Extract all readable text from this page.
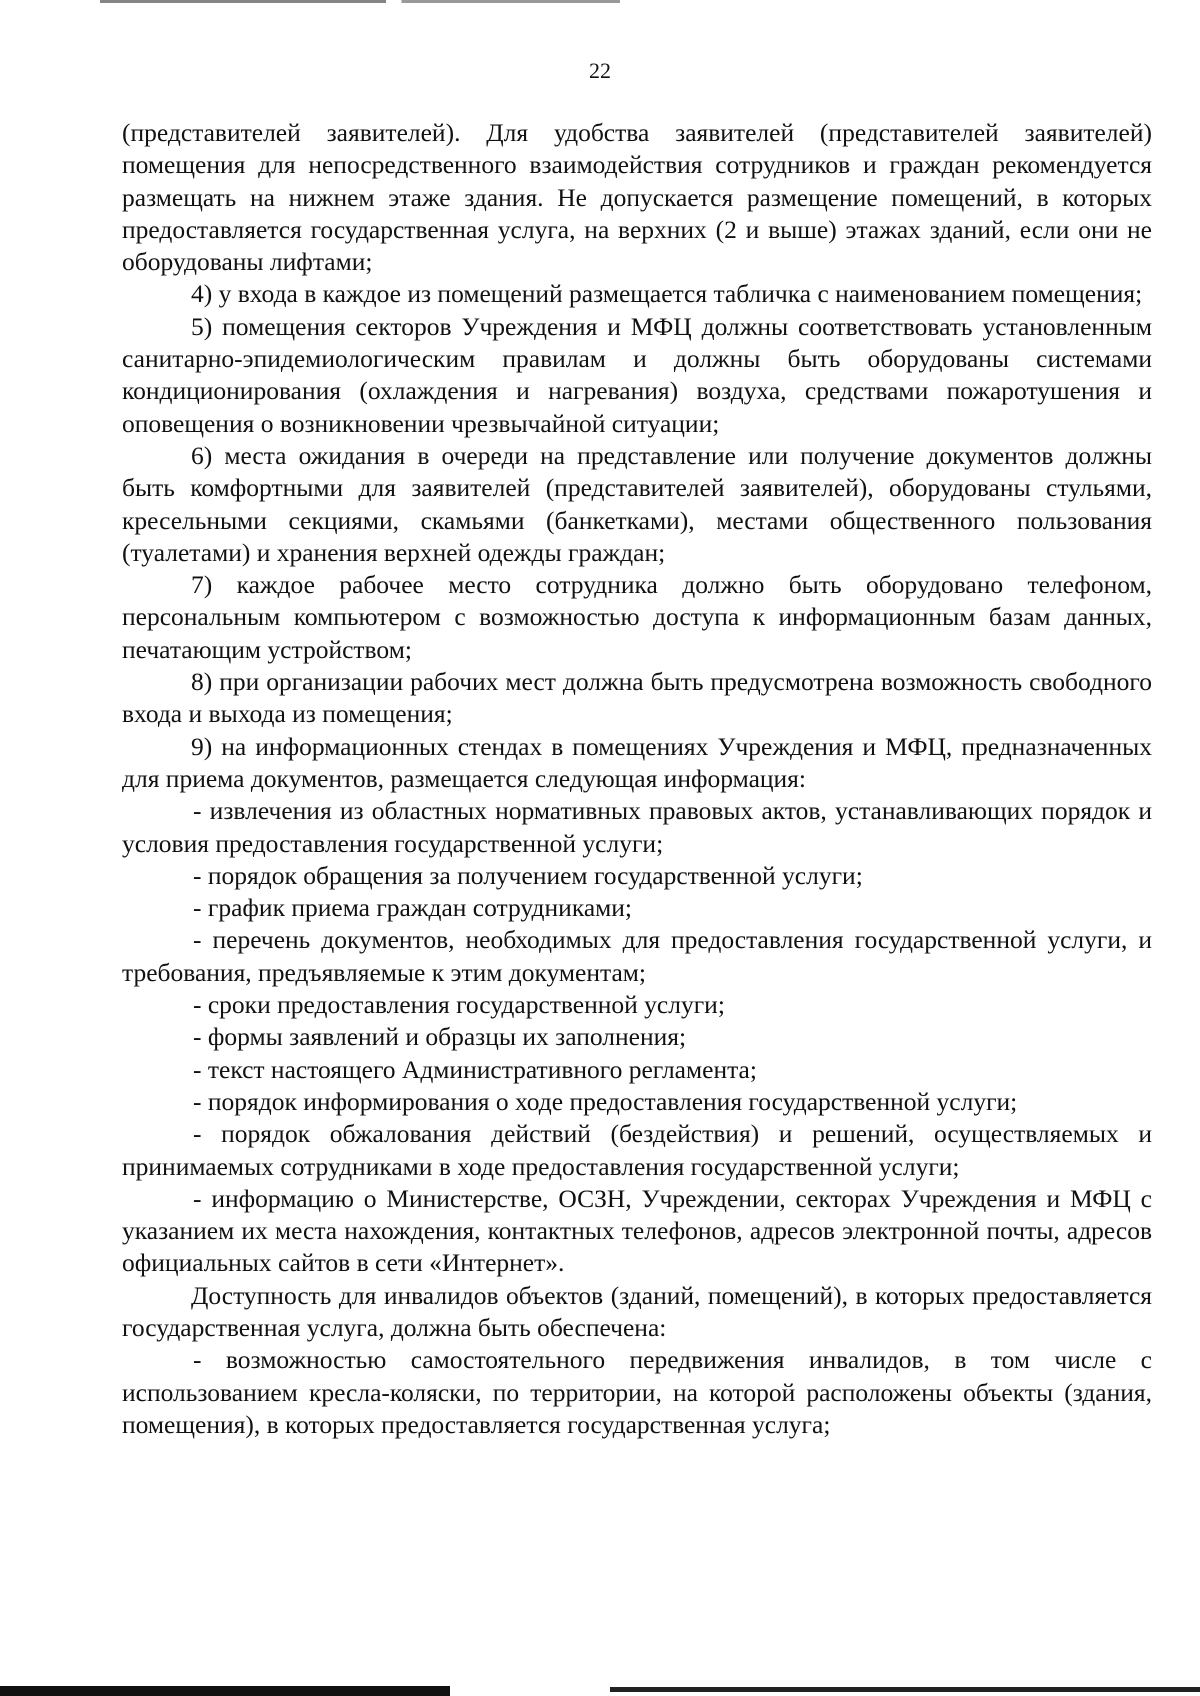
22

(представителей заявителей). Для удобства заявителей (представителей заявителей) помещения для непосредственного взаимодействия сотрудников и граждан рекомендуется размещать на нижнем этаже здания. Не допускается размещение помещений, в которых предоставляется государственная услуга, на верхних (2 и выше) этажах зданий, если они не оборудованы лифтами;

4) у входа в каждое из помещений размещается табличка с наименованием помещения;

5) помещения секторов Учреждения и МФЦ должны соответствовать установленным санитарно-эпидемиологическим правилам и должны быть оборудованы системами кондиционирования (охлаждения и нагревания) воздуха, средствами пожаротушения и оповещения о возникновении чрезвычайной ситуации;

6) места ожидания в очереди на представление или получение документов должны быть комфортными для заявителей (представителей заявителей), оборудованы стульями, кресельными секциями, скамьями (банкетками), местами общественного пользования (туалетами) и хранения верхней одежды граждан;

7) каждое рабочее место сотрудника должно быть оборудовано телефоном, персональным компьютером с возможностью доступа к информационным базам данных, печатающим устройством;

8) при организации рабочих мест должна быть предусмотрена возможность свободного входа и выхода из помещения;

9) на информационных стендах в помещениях Учреждения и МФЦ, предназначенных для приема документов, размещается следующая информация:

- извлечения из областных нормативных правовых актов, устанавливающих порядок и условия предоставления государственной услуги;

- порядок обращения за получением государственной услуги;

- график приема граждан сотрудниками;

- перечень документов, необходимых для предоставления государственной услуги, и требования, предъявляемые к этим документам;

- сроки предоставления государственной услуги;

- формы заявлений и образцы их заполнения;

- текст настоящего Административного регламента;

- порядок информирования о ходе предоставления государственной услуги;

- порядок обжалования действий (бездействия) и решений, осуществляемых и принимаемых сотрудниками в ходе предоставления государственной услуги;

- информацию о Министерстве, ОСЗН, Учреждении, секторах Учреждения и МФЦ с указанием их места нахождения, контактных телефонов, адресов электронной почты, адресов официальных сайтов в сети «Интернет».

Доступность для инвалидов объектов (зданий, помещений), в которых предоставляется государственная услуга, должна быть обеспечена:

- возможностью самостоятельного передвижения инвалидов, в том числе с использованием кресла-коляски, по территории, на которой расположены объекты (здания, помещения), в которых предоставляется государственная услуга;
